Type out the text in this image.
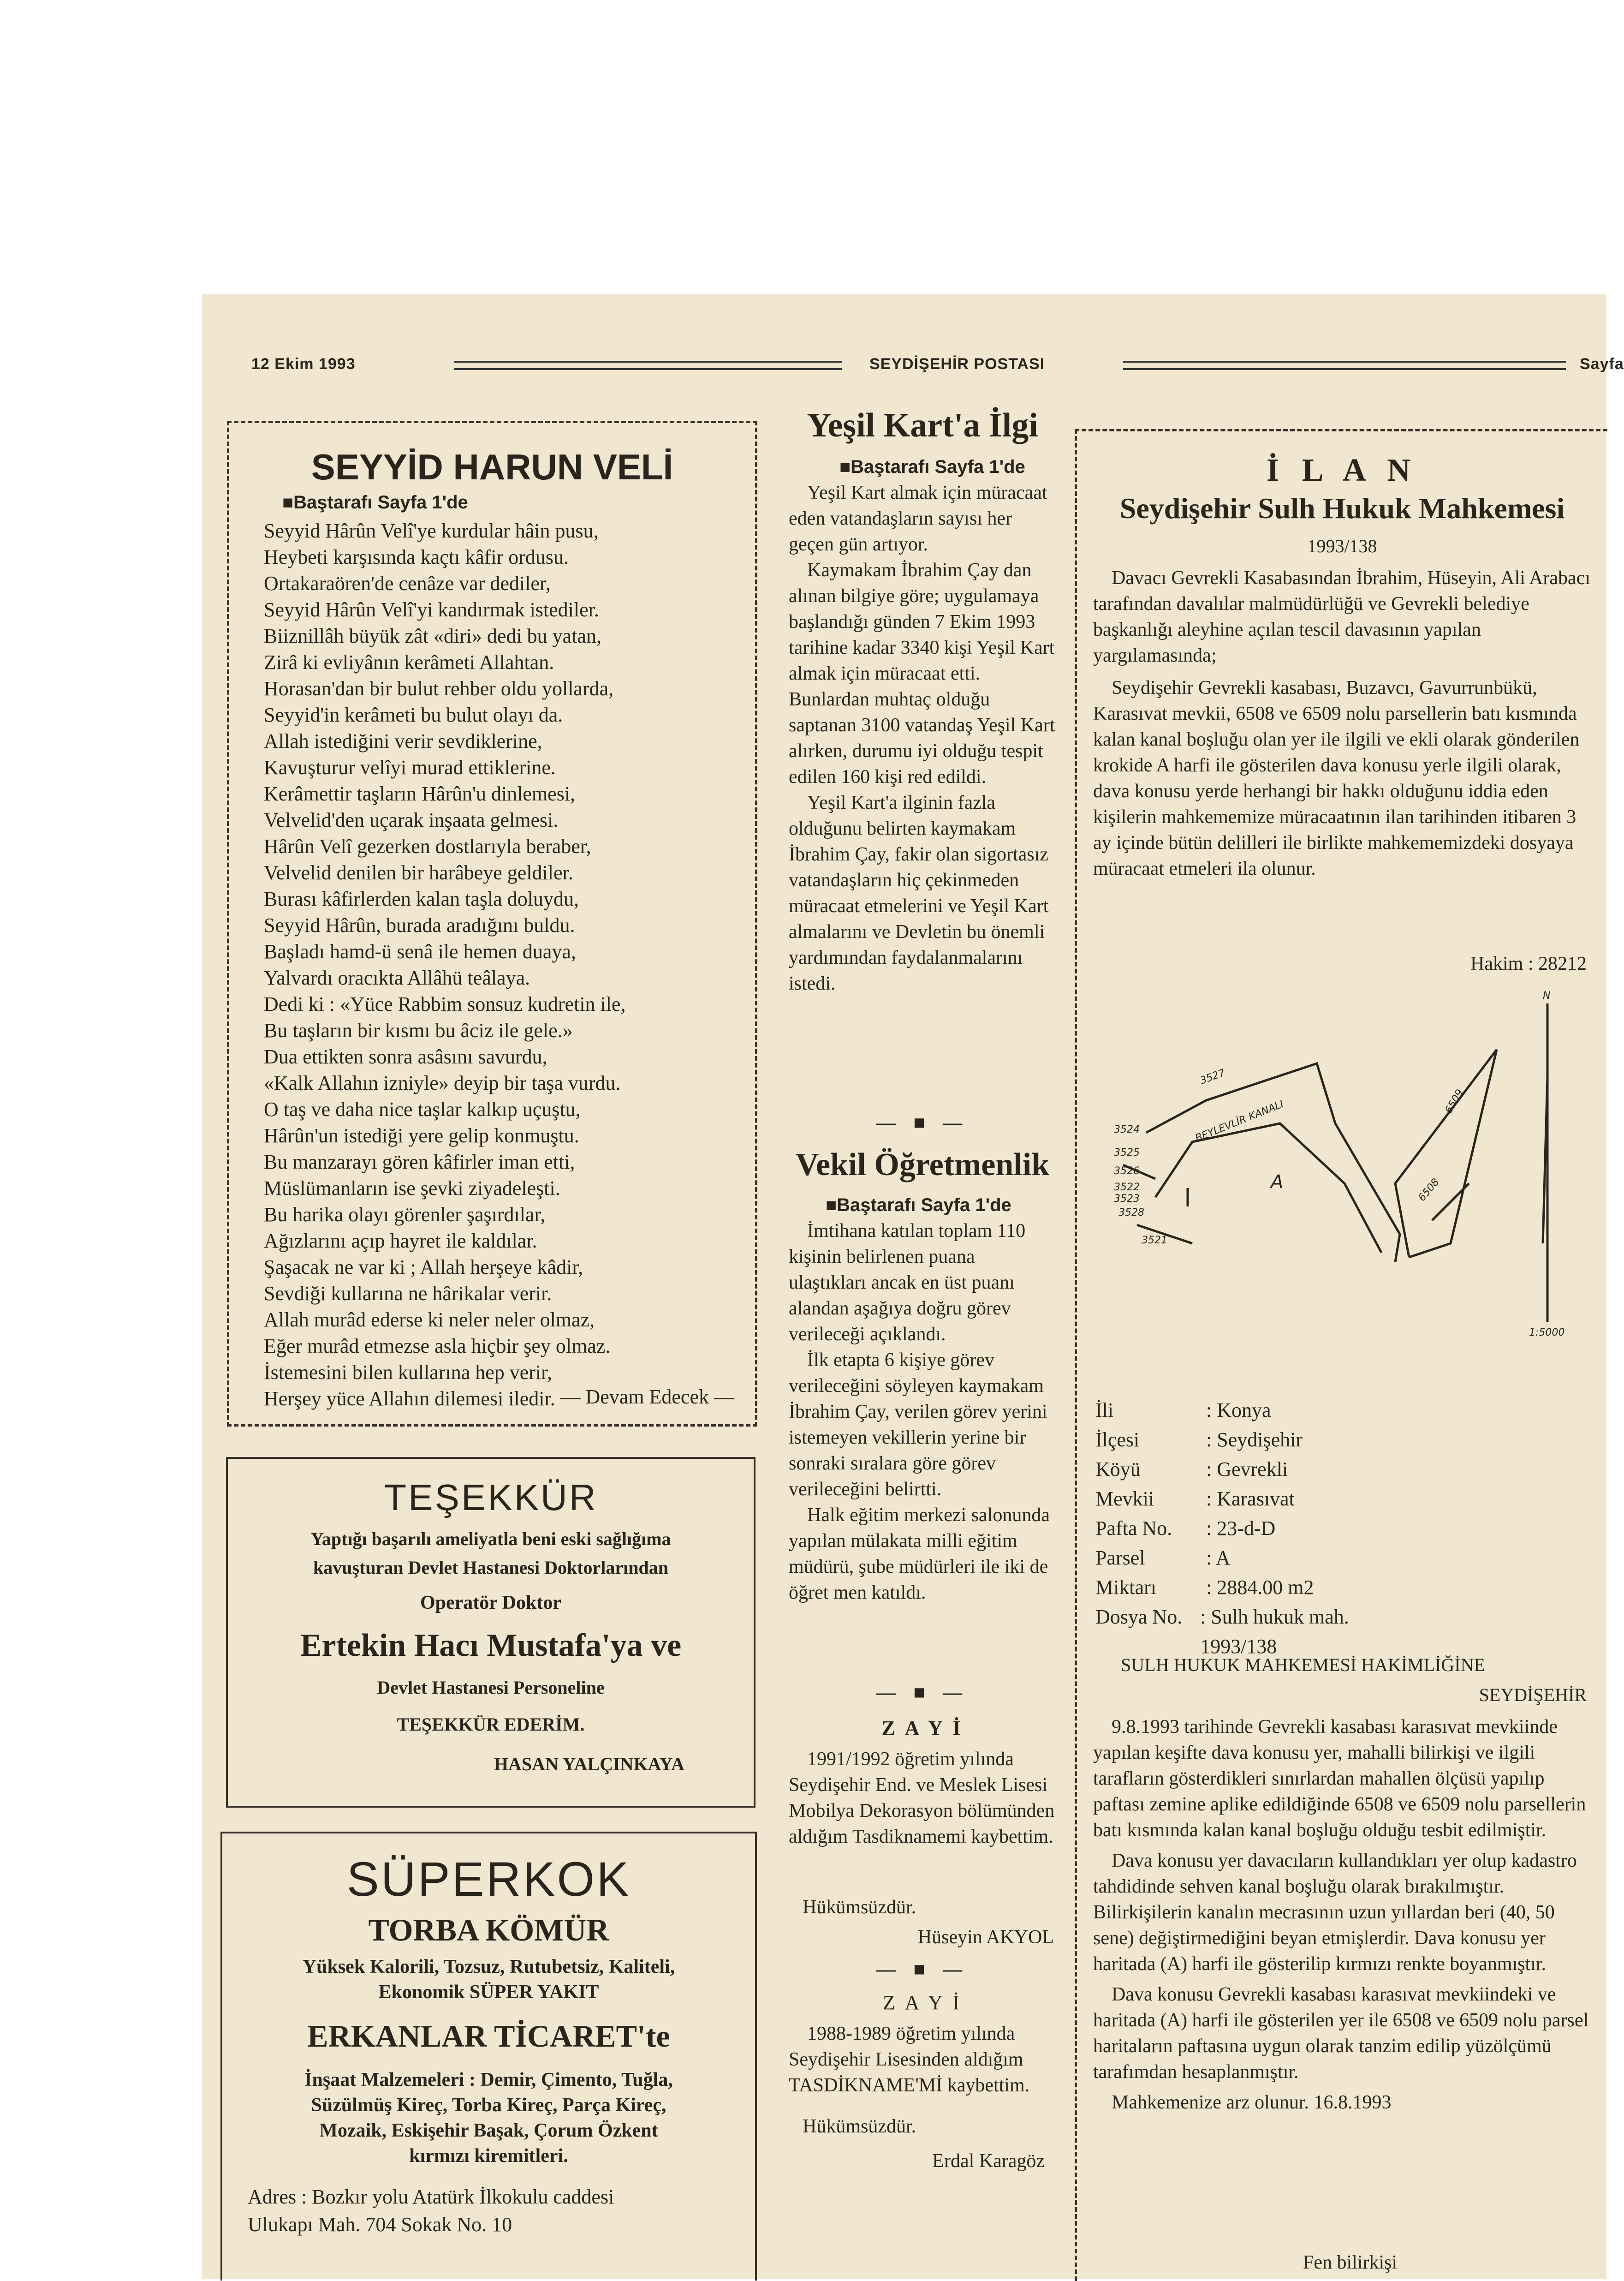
12 Ekim 1993	SEYDİŞEHİR POSTASI	Sayfa
SEYYİD HARUN VELİ
■Baştarafı Sayfa 1'de
Seyyid Hârûn Velî'ye kurdular hâin pusu,
Heybeti karşısında kaçtı kâfir ordusu.
Ortakaraören'de cenâze var dediler,
Seyyid Hârûn Velî'yi kandırmak istediler.
Biiznillâh büyük zât «diri» dedi bu yatan,
Zirâ ki evliyânın kerâmeti Allahtan.
Horasan'dan bir bulut rehber oldu yollarda,
Seyyid'in kerâmeti bu bulut olayı da.
Allah istediğini verir sevdiklerine,
Kavuşturur velîyi murad ettiklerine.
Kerâmettir taşların Hârûn'u dinlemesi,
Velvelid'den uçarak inşaata gelmesi.
Hârûn Velî gezerken dostlarıyla beraber,
Velvelid denilen bir harâbeye geldiler.
Burası kâfirlerden kalan taşla doluydu,
Seyyid Hârûn, burada aradığını buldu.
Başladı hamd-ü senâ ile hemen duaya,
Yalvardı oracıkta Allâhü teâlaya.
Dedi ki : «Yüce Rabbim sonsuz kudretin ile,
Bu taşların bir kısmı bu âciz ile gele.»
Dua ettikten sonra asâsını savurdu,
«Kalk Allahın izniyle» deyip bir taşa vurdu.
O taş ve daha nice taşlar kalkıp uçuştu,
Hârûn'un istediği yere gelip konmuştu.
Bu manzarayı gören kâfirler iman etti,
Müslümanların ise şevki ziyadeleşti.
Bu harika olayı görenler şaşırdılar,
Ağızlarını açıp hayret ile kaldılar.
Şaşacak ne var ki ; Allah herşeye kâdir,
Sevdiği kullarına ne hârikalar verir.
Allah murâd ederse ki neler neler olmaz,
Eğer murâd etmezse asla hiçbir şey olmaz.
İstemesini bilen kullarına hep verir,
Herşey yüce Allahın dilemesi iledir. — Devam Edecek —
TEŞEKKÜR
Yaptığı başarılı ameliyatla beni eski sağlığıma
kavuşturan Devlet Hastanesi Doktorlarından
Operatör Doktor
Ertekin Hacı Mustafa'ya ve
Devlet Hastanesi Personeline
TEŞEKKÜR EDERİM.
HASAN YALÇINKAYA
SÜPERKOK
TORBA KÖMÜR
Yüksek Kalorili, Tozsuz, Rutubetsiz, Kaliteli,
Ekonomik SÜPER YAKIT
ERKANLAR TİCARET'te
İnşaat Malzemeleri : Demir, Çimento, Tuğla,
Süzülmüş Kireç, Torba Kireç, Parça Kireç,
Mozaik, Eskişehir Başak, Çorum Özkent
kırmızı kiremitleri.
Adres : Bozkır yolu Atatürk İlkokulu caddesi
Ulukapı Mah. 704 Sokak No. 10
Yeşil Kart'a İlgi
■Baştarafı Sayfa 1'de

Yeşil Kart almak için müracaat eden vatandaşların sayısı her geçen gün artıyor.

Kaymakam İbrahim Çay dan alınan bilgiye göre; uygulamaya başlandığı günden 7 Ekim 1993 tarihine kadar 3340 kişi Yeşil Kart almak için müracaat etti. Bunlardan muhtaç olduğu saptanan 3100 vatandaş Yeşil Kart alırken, durumu iyi olduğu tespit edilen 160 kişi red edildi.

Yeşil Kart'a ilginin fazla olduğunu belirten kaymakam İbrahim Çay, fakir olan sigortasız vatandaşların hiç çekinmeden müracaat etmelerini ve Yeşil Kart almalarını ve Devletin bu önemli yardımından faydalanmalarını istedi.

— ■ —
Vekil Öğretmenlik
■Baştarafı Sayfa 1'de

İmtihana katılan toplam 110 kişinin belirlenen puana ulaştıkları ancak en üst puanı alandan aşağıya doğru görev verileceği açıklandı.

İlk etapta 6 kişiye görev verileceğini söyleyen kaymakam İbrahim Çay, verilen görev yerini istemeyen vekillerin yerine bir sonraki sıralara göre görev verileceğini belirtti.

Halk eğitim merkezi salonunda yapılan mülakata milli eğitim müdürü, şube müdürleri ile iki de öğret men katıldı.

— ■ —
Z A Y İ

1991/1992 öğretim yılında Seydişehir End. ve Meslek Lisesi Mobilya Dekorasyon bölümünden aldığım Tasdiknamemi kaybettim.

Hükümsüzdür.
Hüseyin AKYOL
— ■ —
Z A Y İ

1988-1989 öğretim yılında Seydişehir Lisesinden aldığım TASDİKNAME'Mİ kaybettim.

Hükümsüzdür.
Erdal Karagöz
İ L A N
Seydişehir Sulh Hukuk Mahkemesi
1993/138

Davacı Gevrekli Kasabasından İbrahim, Hüseyin, Ali Arabacı tarafından davalılar malmüdürlüğü ve Gevrekli belediye başkanlığı aleyhine açılan tescil davasının yapılan yargılamasında;

Seydişehir Gevrekli kasabası, Buzavcı, Gavurrunbükü, Karasıvat mevkii, 6508 ve 6509 nolu parsellerin batı kısmında kalan kanal boşluğu olan yer ile ilgili ve ekli olarak gönderilen krokide A harfi ile gösterilen dava konusu yerle ilgili olarak, dava konusu yerde herhangi bir hakkı olduğunu iddia eden kişilerin mahkememize müracaatının ilan tarihinden itibaren 3 ay içinde bütün delilleri ile birlikte mahkememizdeki dosyaya müracaat etmeleri ila olunur.

Hakim : 28212
N
3527
BEYLEVLİR KANALI	6509
A	6508
3524
3525
3526
3522
3523
3528
3521
1:5000
İli	: Konya
İlçesi	: Seydişehir
Köyü	: Gevrekli
Mevkii	: Karasıvat
Pafta No.	: 23-d-D
Parsel	: A
Miktarı	: 2884.00 m2
Dosya No. : Sulh hukuk mah. 1993/138
SULH HUKUK MAHKEMESİ HAKİMLİĞİNE
SEYDİŞEHİR

9.8.1993 tarihinde Gevrekli kasabası karasıvat mevkiinde yapılan keşifte dava konusu yer, mahalli bilirkişi ve ilgili tarafların gösterdikleri sınırlardan mahallen ölçüsü yapılıp paftası zemine aplike edildiğinde 6508 ve 6509 nolu parsellerin batı kısmında kalan kanal boşluğu olduğu tesbit edilmiştir.

Dava konusu yer davacıların kullandıkları yer olup kadastro tahdidinde sehven kanal boşluğu olarak bırakılmıştır. Bilirkişilerin kanalın mecrasının uzun yıllardan beri (40, 50 sene) değiştirmediğini beyan etmişlerdir. Dava konusu yer haritada (A) harfi ile gösterilip kırmızı renkte boyanmıştır.

Dava konusu Gevrekli kasabası karasıvat mevkiindeki ve haritada (A) harfi ile gösterilen yer ile 6508 ve 6509 nolu parsel haritaların paftasına uygun olarak tanzim edilip yüzölçümü tarafımdan hesaplanmıştır.

Mahkemenize arz olunur. 16.8.1993

Fen bilirkişi
